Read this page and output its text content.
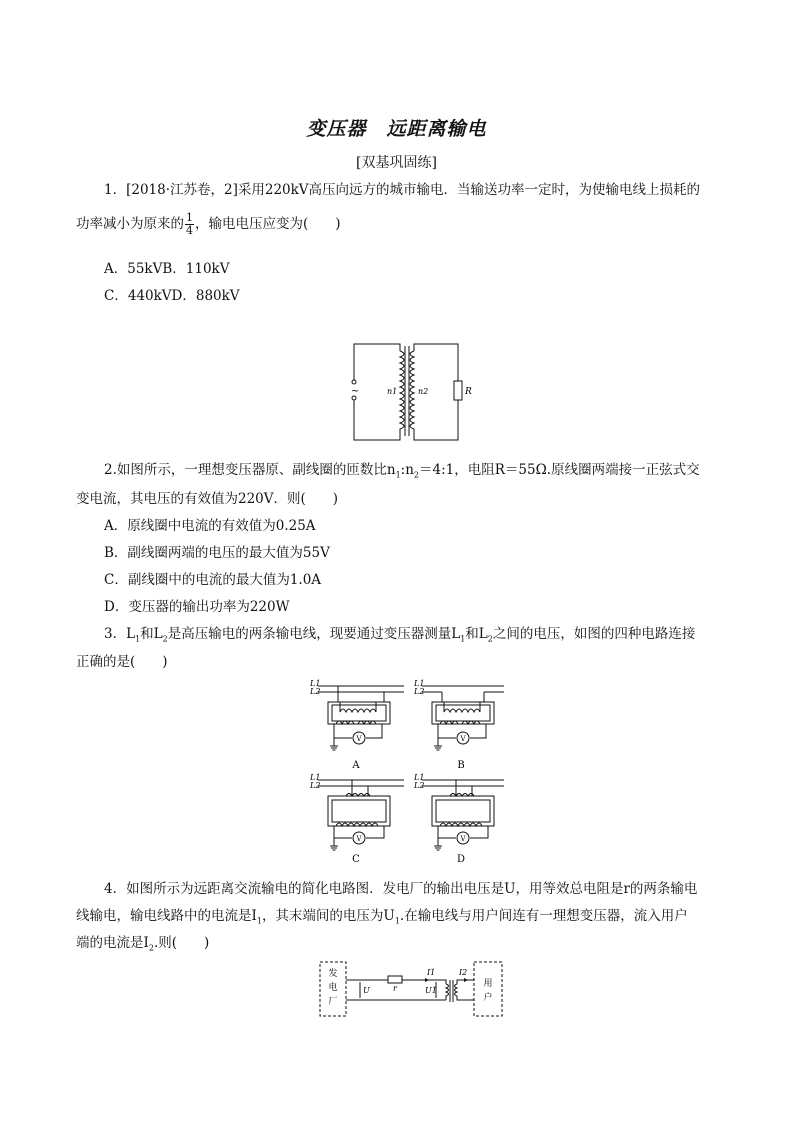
变压器　远距离输电
[双基巩固练]
1．[2018·江苏卷，2]采用220kV高压向远方的城市输电．当输送功率一定时，为使输电线上损耗的
功率减小为原来的 $\frac{1}{4}$ ，输电电压应变为(　　)
A．55kVB．110kV
C．440kVD．880kV
~	n1	n2	R
2.如图所示，一理想变压器原、副线圈的匝数比$n_1:n_2=4:1$，电阻R＝55Ω.原线圈两端接一正弦式交
变电流，其电压的有效值为220V．则(　　)
A．原线圈中电流的有效值为0.25A
B．副线圈两端的电压的最大值为55V
C．副线圈中的电流的最大值为1.0A
D．变压器的输出功率为220W
3．$L_1$和$L_2$是高压输电的两条输电线，现要通过变压器测量$L_1$和$L_2$之间的电压，如图的四种电路连接
正确的是(　　)
L1
L2
L1
L2
L1
L2
L1
L2
V	V
V	V
A	B
C	D
4．如图所示为远距离交流输电的简化电路图．发电厂的输出电压是U，用等效总电阻是r的两条输电
线输电，输电线路中的电流是$I_1$，其末端间的电压为$U_1$.在输电线与用户间连有一理想变压器，流入用户
端的电流是$I_2$.则(　　)
发
电
厂
用
户
U	r
I1	I2
U1
